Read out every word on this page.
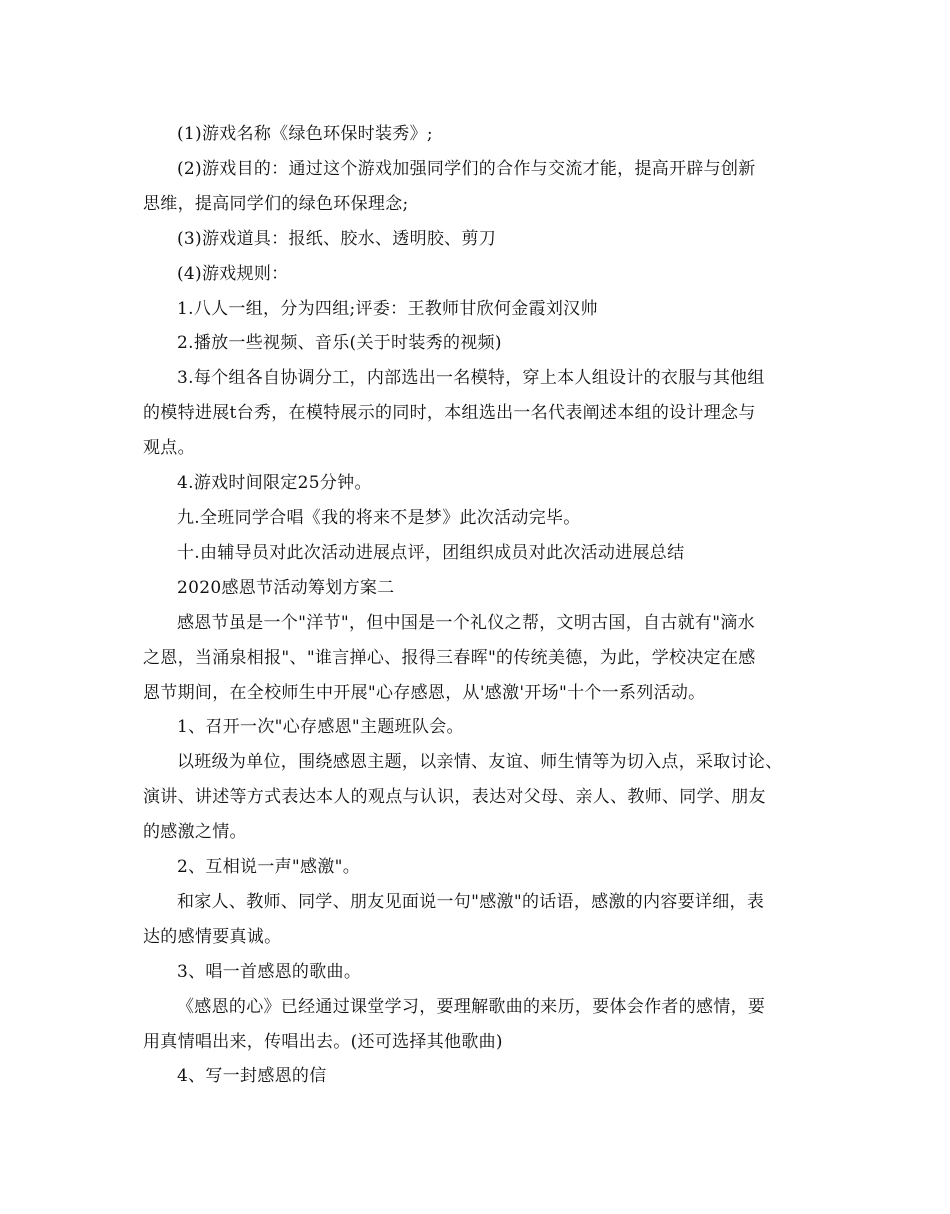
(1)游戏名称《绿色环保时装秀》;

(2)游戏目的：通过这个游戏加强同学们的合作与交流才能，提高开辟与创新

思维，提高同学们的绿色环保理念;

(3)游戏道具：报纸、胶水、透明胶、剪刀

(4)游戏规则：

1.八人一组，分为四组;评委：王教师甘欣何金霞刘汉帅

2.播放一些视频、音乐(关于时装秀的视频)

3.每个组各自协调分工，内部选出一名模特，穿上本人组设计的衣服与其他组

的模特进展t台秀，在模特展示的同时，本组选出一名代表阐述本组的设计理念与

观点。

4.游戏时间限定25分钟。

九.全班同学合唱《我的将来不是梦》此次活动完毕。

十.由辅导员对此次活动进展点评，团组织成员对此次活动进展总结

2020感恩节活动筹划方案二

感恩节虽是一个"洋节"，但中国是一个礼仪之帮，文明古国，自古就有"滴水

之恩，当涌泉相报"、"谁言掸心、报得三春晖"的传统美德，为此，学校决定在感

恩节期间，在全校师生中开展"心存感恩，从'感激'开场"十个一系列活动。

1、召开一次"心存感恩"主题班队会。

以班级为单位，围绕感恩主题，以亲情、友谊、师生情等为切入点，采取讨论、

演讲、讲述等方式表达本人的观点与认识，表达对父母、亲人、教师、同学、朋友

的感激之情。

2、互相说一声"感激"。

和家人、教师、同学、朋友见面说一句"感激"的话语，感激的内容要详细，表

达的感情要真诚。

3、唱一首感恩的歌曲。

《感恩的心》已经通过课堂学习，要理解歌曲的来历，要体会作者的感情，要

用真情唱出来，传唱出去。(还可选择其他歌曲)

4、写一封感恩的信
